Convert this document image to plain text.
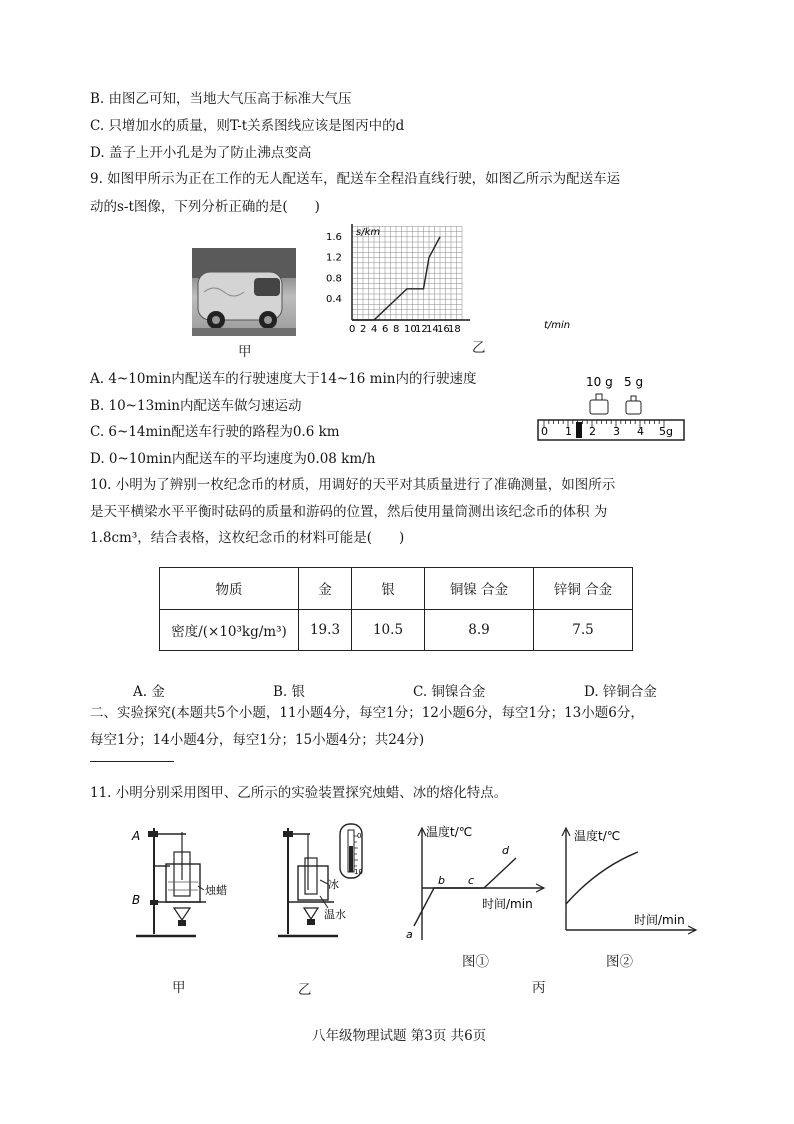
B. 由图乙可知，当地大气压高于标准大气压
C. 只增加水的质量，则T-t关系图线应该是图丙中的d
D. 盖子上开小孔是为了防止沸点变高
9. 如图甲所示为正在工作的无人配送车，配送车全程沿直线行驶，如图乙所示为配送车运
动的s-t图像，下列分析正确的是(　　)
甲
0 2 4 6 8 10
12
14
16
18
0.4
0.8
1.2
1.6 s/km
t/min
乙
A. 4~10min内配送车的行驶速度大于14~16 min内的行驶速度
B. 10~13min内配送车做匀速运动
C. 6~14min配送车行驶的路程为0.6 km
D. 0~10min内配送车的平均速度为0.08 km/h
10 g 5 g
0 1 2 3 4 5g
10. 小明为了辨别一枚纪念币的材质，用调好的天平对其质量进行了准确测量，如图所示
是天平横梁水平平衡时砝码的质量和游码的位置，然后使用量筒测出该纪念币的体积 为
1.8cm³，结合表格，这枚纪念币的材料可能是(　　)
物质	金	银	铜镍 合金	锌铜 合金
密度/(×10³kg/m³)	19.3	10.5	8.9	7.5
A. 金	B. 银	C. 铜镍合金	D. 锌铜合金
二、实验探究(本题共5个小题，11小题4分，每空1分；12小题6分，每空1分；13小题6分，
每空1分；14小题4分，每空1分；15小题4分；共24分)
11. 小明分别采用图甲、乙所示的实验装置探究烛蜡、冰的熔化特点。
A
B
烛蜡
甲
冰
温水
0
10
乙
温度t/℃
时间/min
a
b c
d
图①
温度t/℃
时间/min
图②
丙
八年级物理试题 第3页 共6页
